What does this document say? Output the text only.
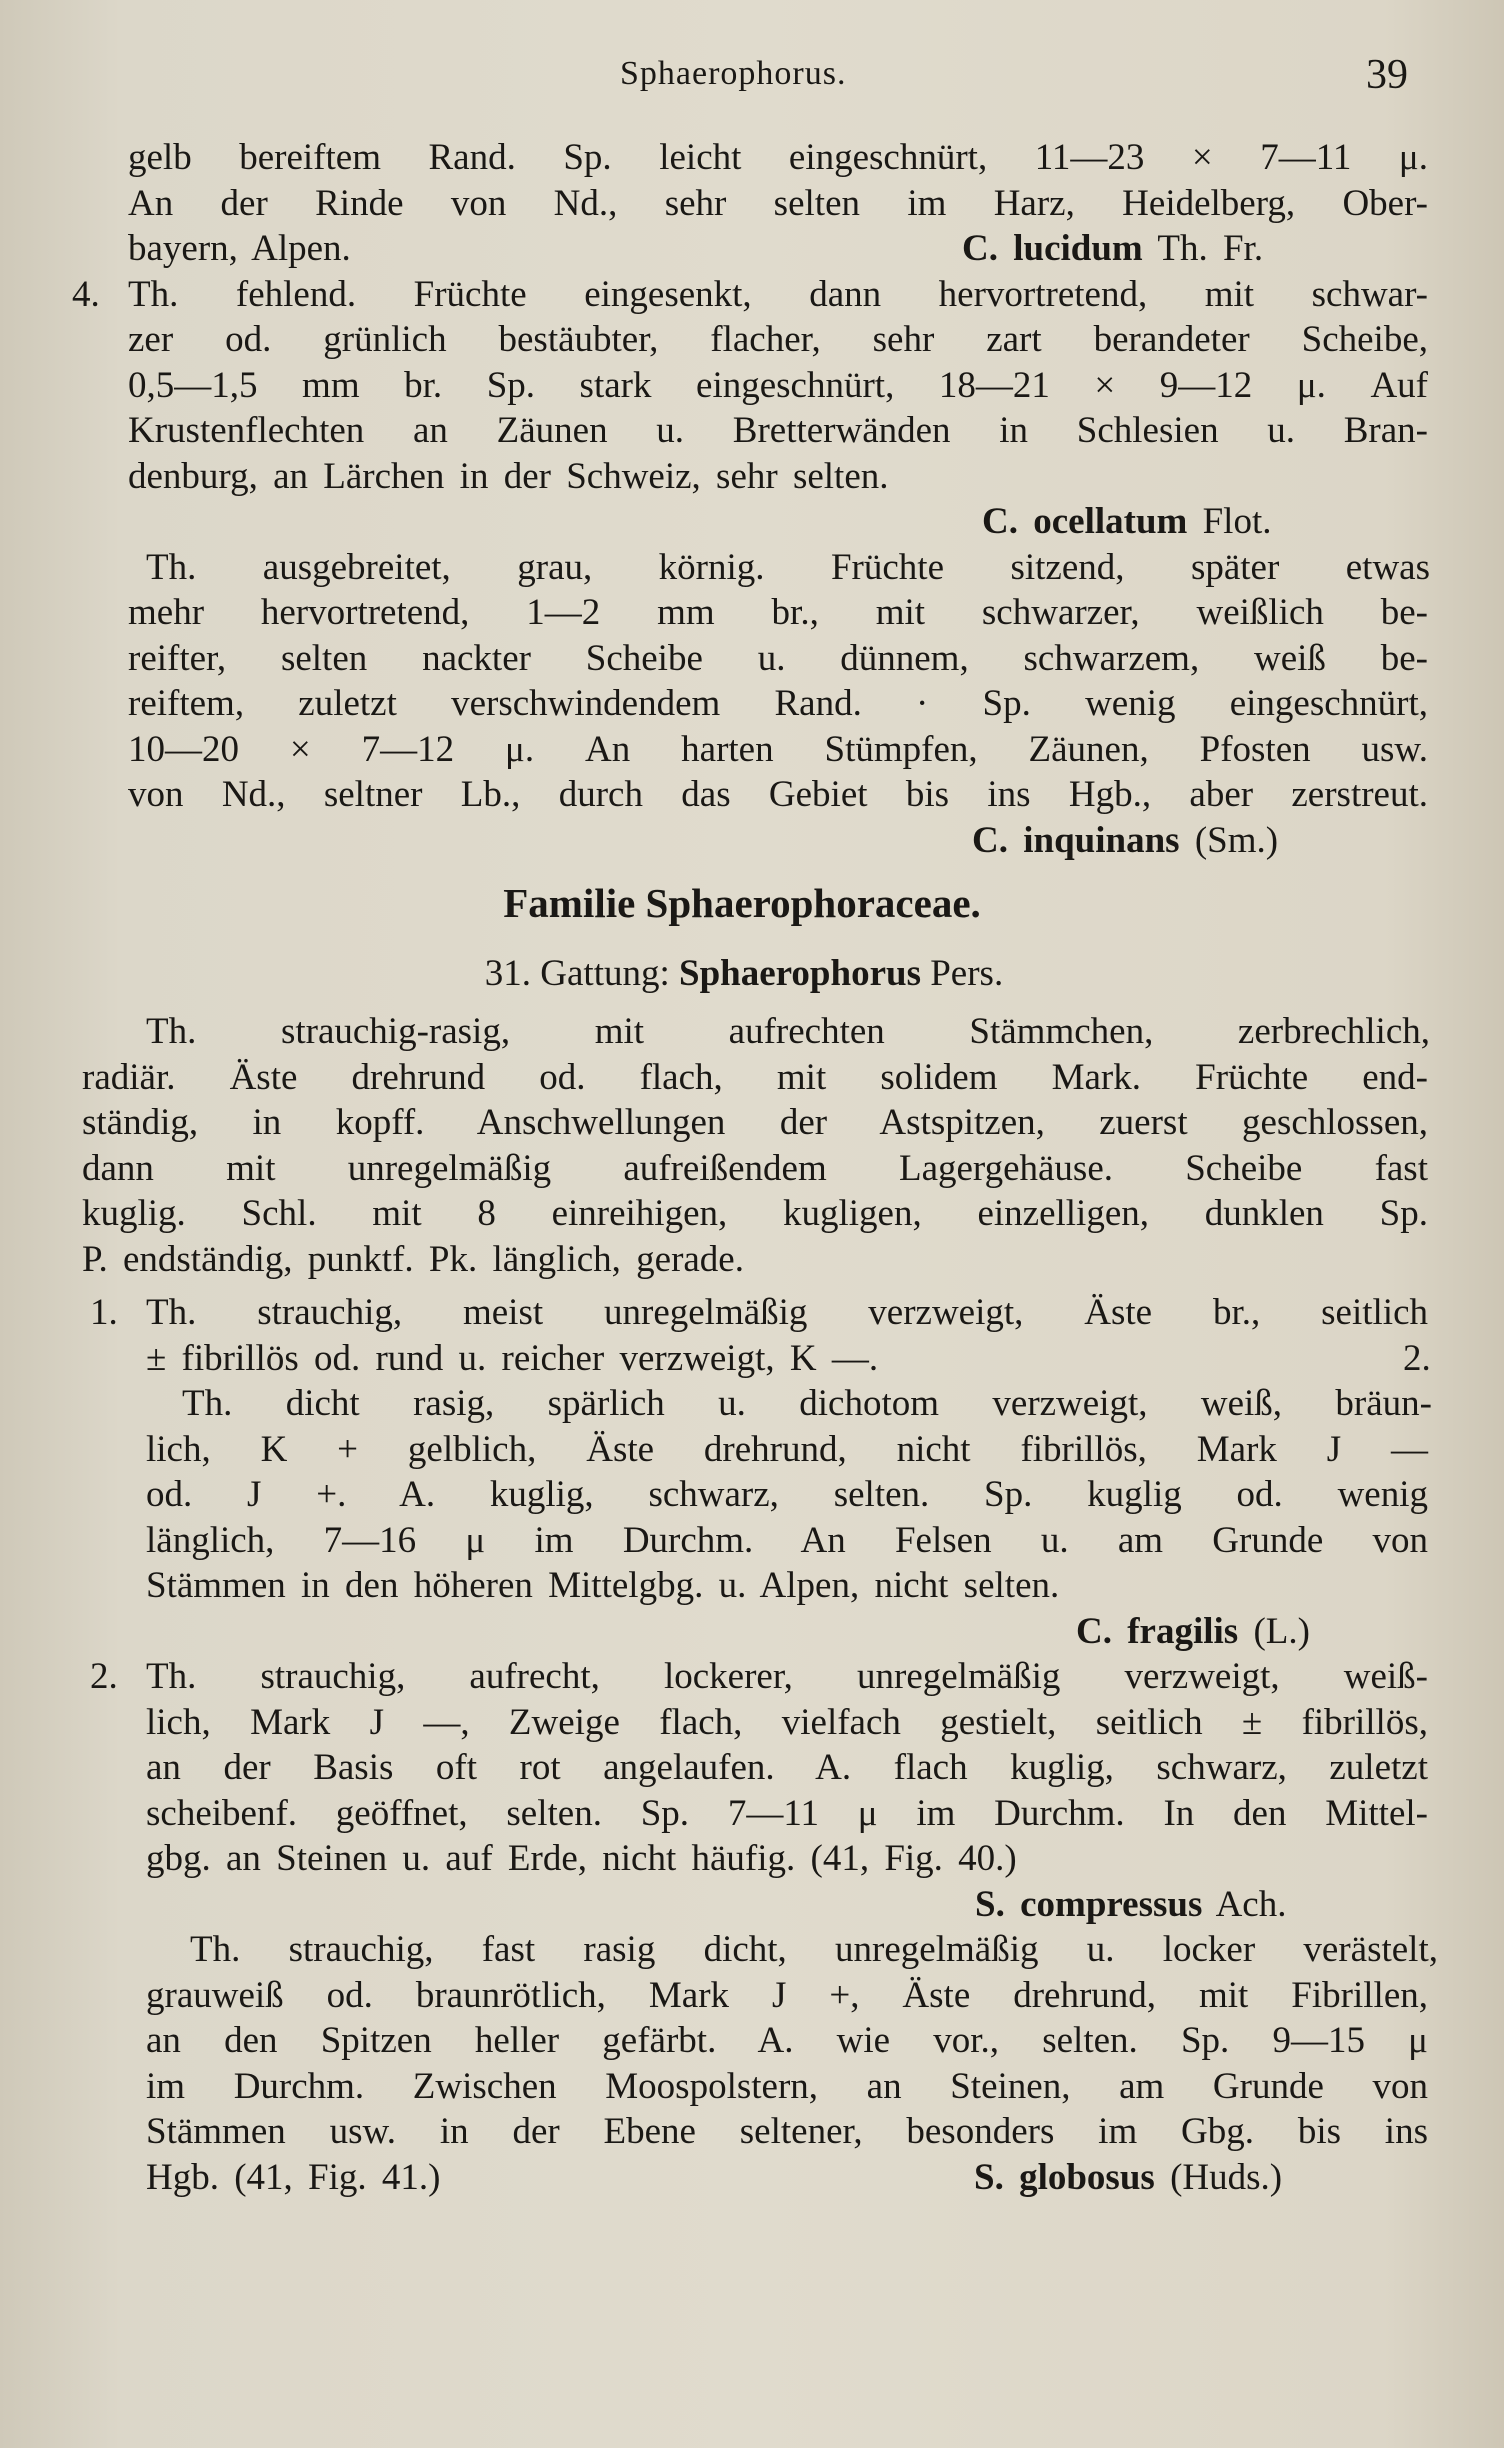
Sphaerophorus.	39
gelb bereiftem Rand. Sp. leicht eingeschnürt, 11—23 × 7—11 μ.
An der Rinde von Nd., sehr selten im Harz, Heidelberg, Ober-
bayern, Alpen.	C. lucidum Th. Fr.
4. Th. fehlend. Früchte eingesenkt, dann hervortretend, mit schwar-
zer od. grünlich bestäubter, flacher, sehr zart berandeter Scheibe,
0,5—1,5 mm br. Sp. stark eingeschnürt, 18—21 × 9—12 μ. Auf
Krustenflechten an Zäunen u. Bretterwänden in Schlesien u. Bran-
denburg, an Lärchen in der Schweiz, sehr selten.
C. ocellatum Flot.
Th. ausgebreitet, grau, körnig. Früchte sitzend, später etwas
mehr hervortretend, 1—2 mm br., mit schwarzer, weißlich be-
reifter, selten nackter Scheibe u. dünnem, schwarzem, weiß be-
reiftem, zuletzt verschwindendem Rand. · Sp. wenig eingeschnürt,
10—20 × 7—12 μ. An harten Stümpfen, Zäunen, Pfosten usw.
von Nd., seltner Lb., durch das Gebiet bis ins Hgb., aber zerstreut.
C. inquinans (Sm.)
Familie Sphaerophoraceae.
31. Gattung: Sphaerophorus Pers.
Th. strauchig-rasig, mit aufrechten Stämmchen, zerbrechlich,
radiär. Äste drehrund od. flach, mit solidem Mark. Früchte end-
ständig, in kopff. Anschwellungen der Astspitzen, zuerst geschlossen,
dann mit unregelmäßig aufreißendem Lagergehäuse. Scheibe fast
kuglig. Schl. mit 8 einreihigen, kugligen, einzelligen, dunklen Sp.
P. endständig, punktf. Pk. länglich, gerade.
1. Th. strauchig, meist unregelmäßig verzweigt, Äste br., seitlich
± fibrillös od. rund u. reicher verzweigt, K —.	2.
Th. dicht rasig, spärlich u. dichotom verzweigt, weiß, bräun-
lich, K + gelblich, Äste drehrund, nicht fibrillös, Mark J —
od. J +. A. kuglig, schwarz, selten. Sp. kuglig od. wenig
länglich, 7—16 μ im Durchm. An Felsen u. am Grunde von
Stämmen in den höheren Mittelgbg. u. Alpen, nicht selten.
C. fragilis (L.)
2. Th. strauchig, aufrecht, lockerer, unregelmäßig verzweigt, weiß-
lich, Mark J —, Zweige flach, vielfach gestielt, seitlich ± fibrillös,
an der Basis oft rot angelaufen. A. flach kuglig, schwarz, zuletzt
scheibenf. geöffnet, selten. Sp. 7—11 μ im Durchm. In den Mittel-
gbg. an Steinen u. auf Erde, nicht häufig. (41, Fig. 40.)
S. compressus Ach.
Th. strauchig, fast rasig dicht, unregelmäßig u. locker verästelt,
grauweiß od. braunrötlich, Mark J +, Äste drehrund, mit Fibrillen,
an den Spitzen heller gefärbt. A. wie vor., selten. Sp. 9—15 μ
im Durchm. Zwischen Moospolstern, an Steinen, am Grunde von
Stämmen usw. in der Ebene seltener, besonders im Gbg. bis ins
Hgb. (41, Fig. 41.)	S. globosus (Huds.)
